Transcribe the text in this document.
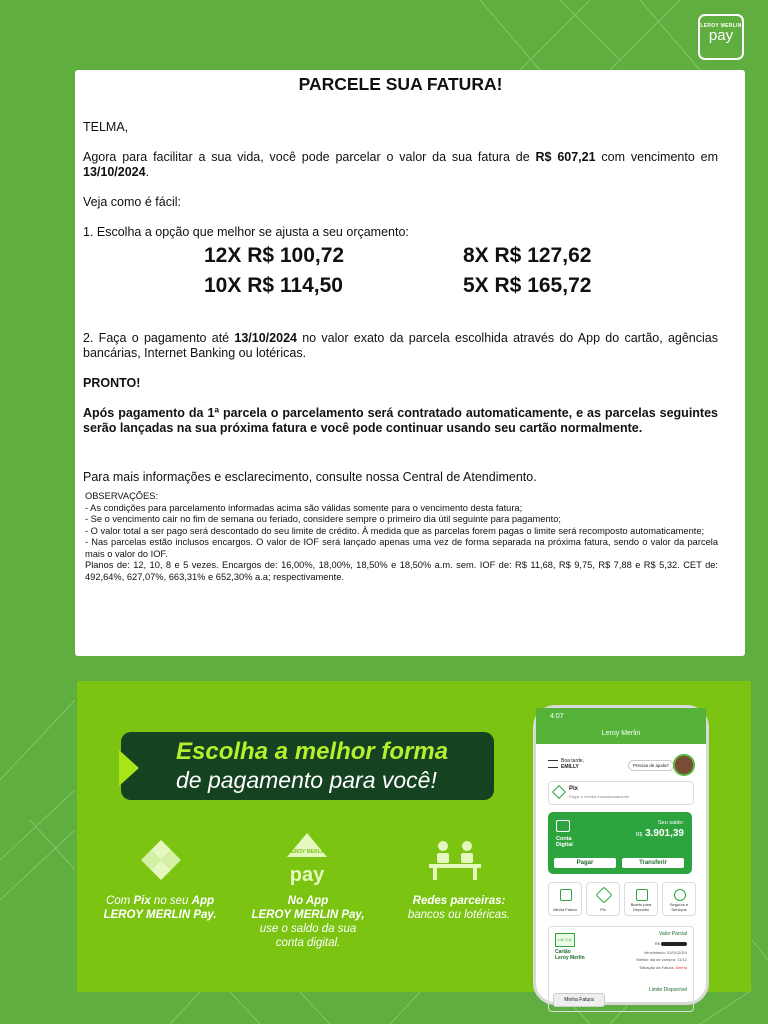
LEROY MERLIN
pay
PARCELE SUA FATURA!

TELMA,

Agora para facilitar a sua vida, você pode parcelar o valor da sua fatura de R$ 607,21 com vencimento em 13/10/2024.

Veja como é fácil:

1. Escolha a opção que melhor se ajusta a seu orçamento:

12X R$ 100,72	8X R$ 127,62
10X R$ 114,50	5X R$ 165,72

2. Faça o pagamento até 13/10/2024 no valor exato da parcela escolhida através do App do cartão, agências bancárias, Internet Banking ou lotéricas.

PRONTO!

Após pagamento da 1ª parcela o parcelamento será contratado automaticamente, e as parcelas seguintes serão lançadas na sua próxima fatura e você pode continuar usando seu cartão normalmente.

Para mais informações e esclarecimento, consulte nossa Central de Atendimento.

OBSERVAÇÕES:
- As condições para parcelamento informadas acima são válidas somente para o vencimento desta fatura;
- Se o vencimento cair no fim de semana ou feriado, considere sempre o primeiro dia útil seguinte para pagamento;
- O valor total a ser pago será descontado do seu limite de crédito. À medida que as parcelas forem pagas o limite será recomposto automaticamente;
- Nas parcelas estão inclusos encargos. O valor de IOF será lançado apenas uma vez de forma separada na próxima fatura, sendo o valor da parcela mais o valor do IOF.
Planos de: 12, 10, 8 e 5 vezes. Encargos de: 16,00%, 18,00%, 18,50% e 18,50% a.m. sem. IOF de: R$ 11,68, R$ 9,75, R$ 7,88 e R$ 5,32. CET de: 492,64%, 627,07%, 663,31% e 652,30% a.a; respectivamente.
Escolha a melhor forma
de pagamento para você!
Com Pix no seu App
LEROY MERLIN Pay.
LEROY MERLIN
pay
No App
LEROY MERLIN Pay,
use o saldo da sua
conta digital.
Redes parceiras:
bancos ou lotéricas.
4:07
Leroy Merlin
Boa tarde,
EMILLY	Precisa de ajuda?
Pix
Pagar e receba instantaneamente
Conta
Digital
Seu saldo:
R$ 3.901,39
Pagar	Transferir
Minha Fatura	Pix
Boleto para Depósito
Seguros e Serviços
L.M. C.D.
Cartão
Leroy Merlin
Valor Parcial
R$
Vencimento: 01/01/2024
Melhor dia de compra: 11/12
Situação da Fatura: Aberta
Limite Disponível
Minha Fatura
